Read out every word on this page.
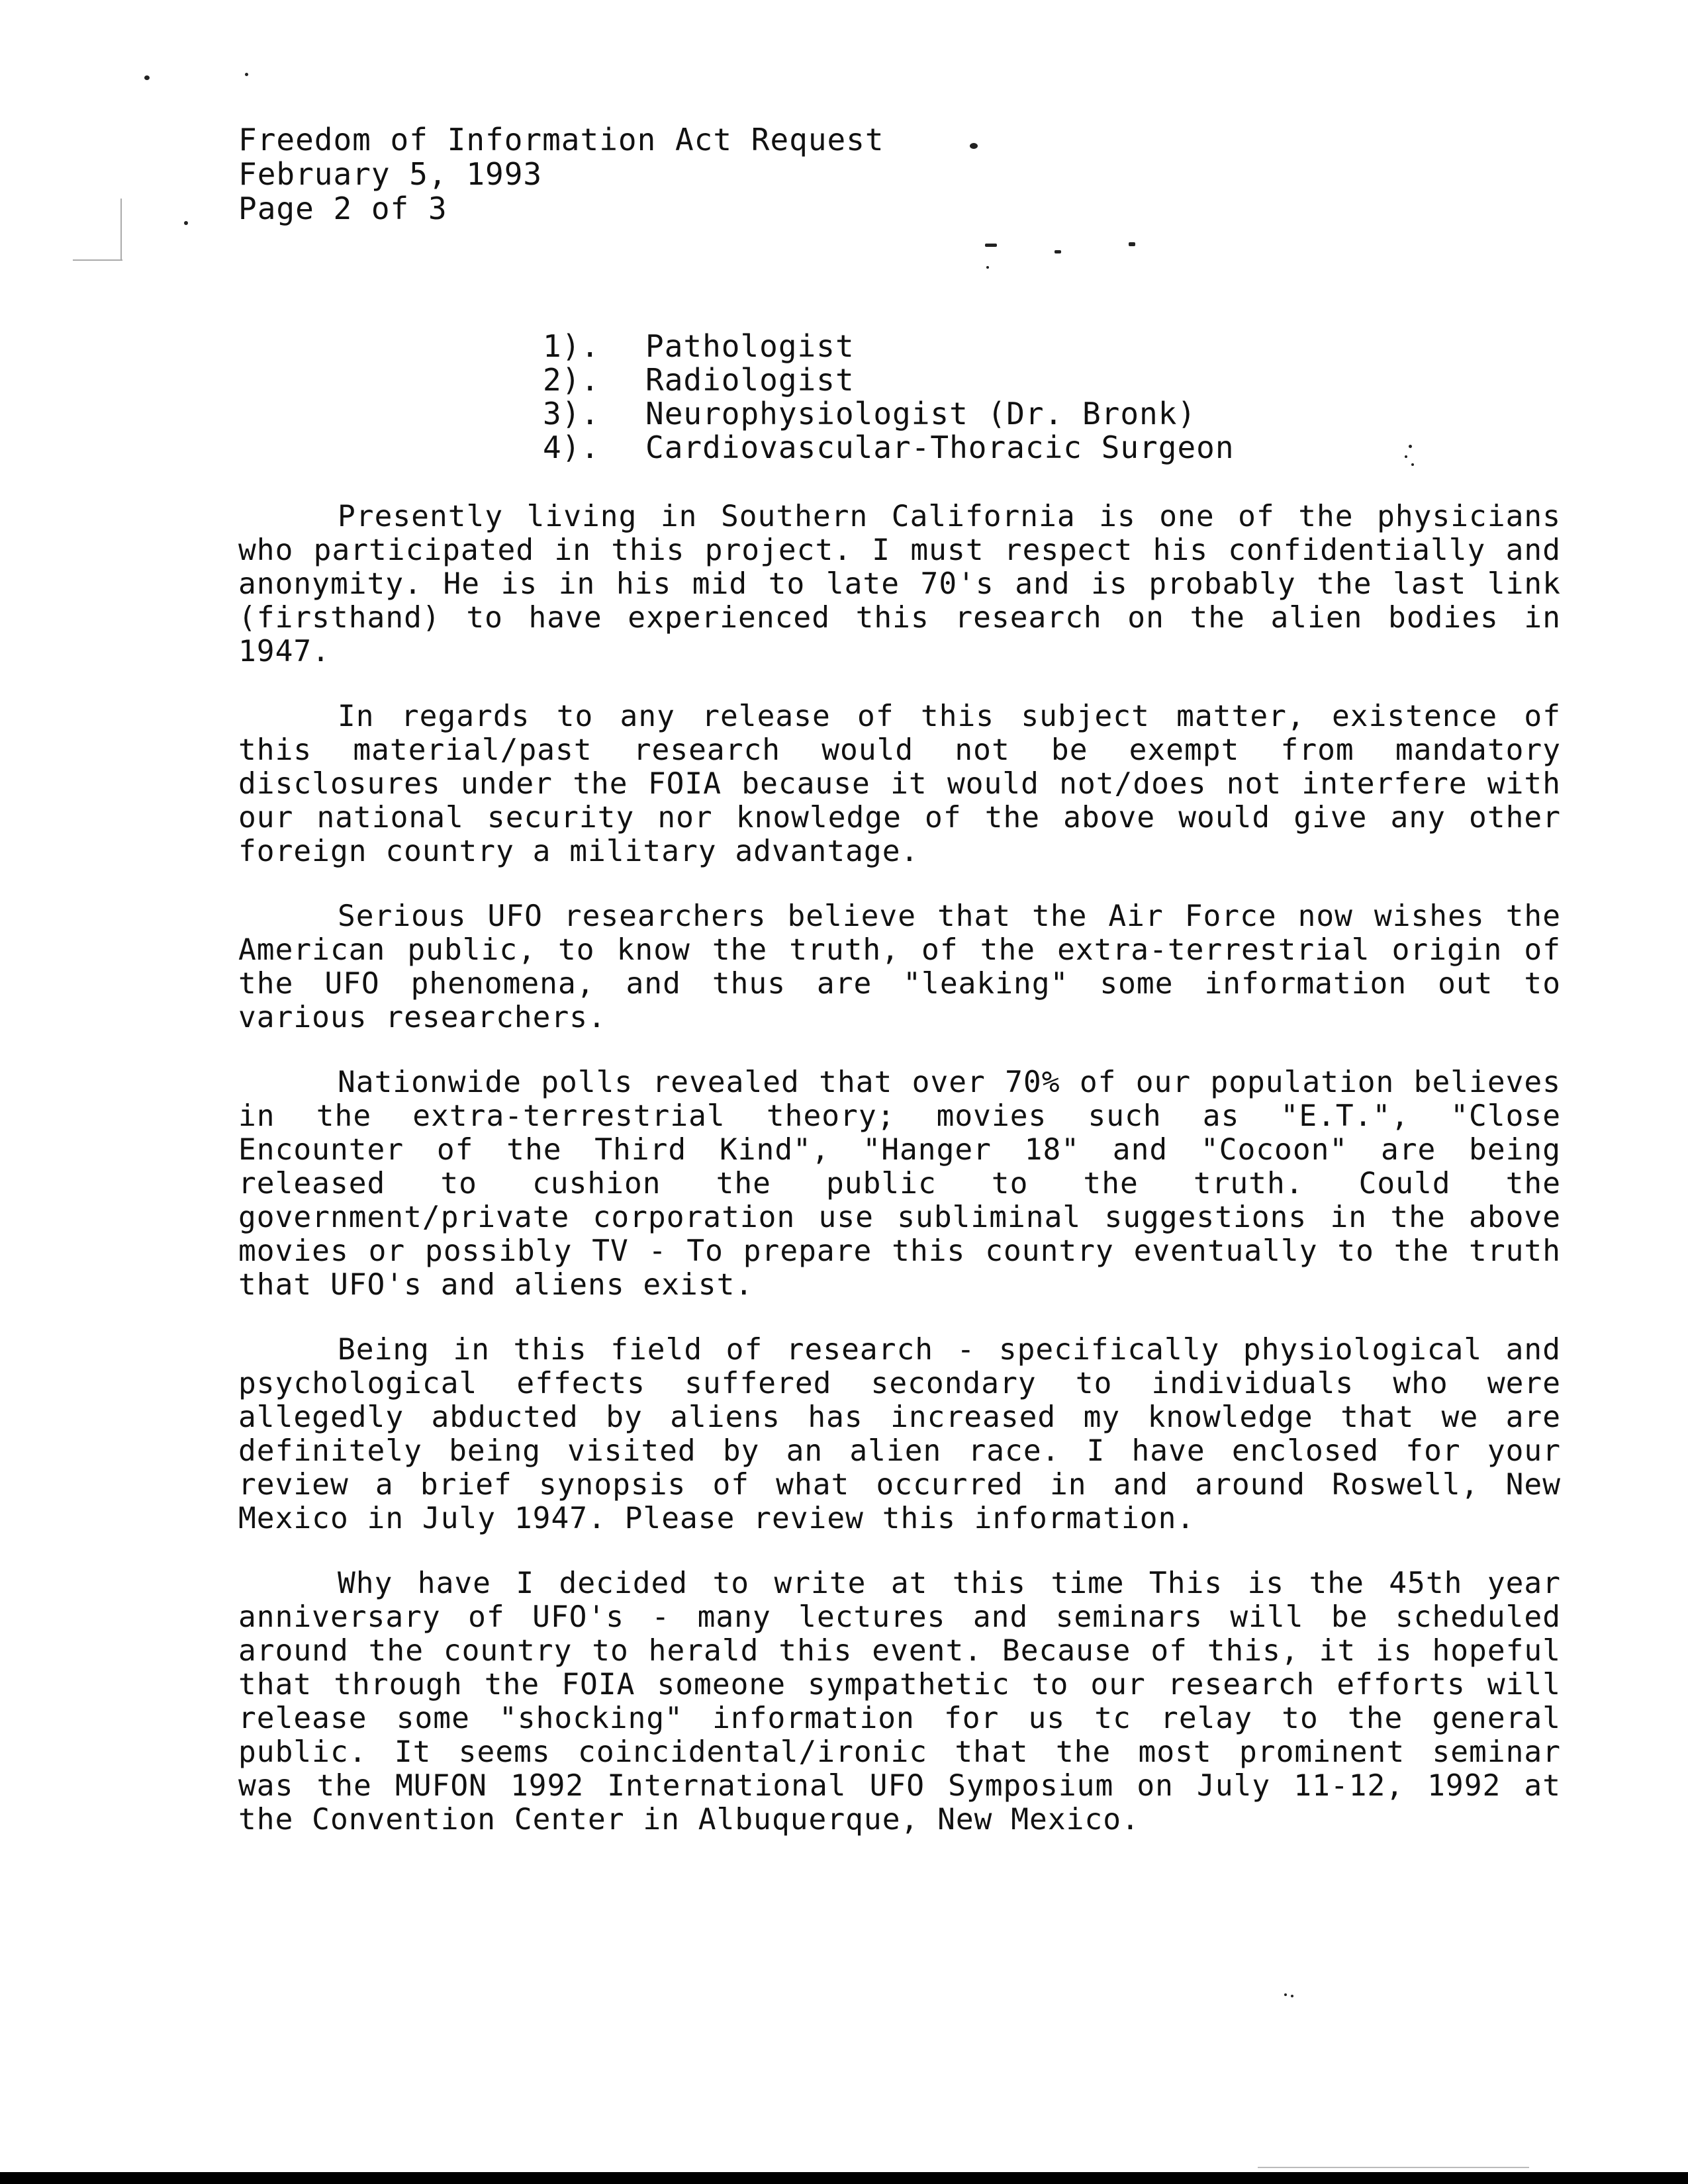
Freedom of Information Act Request
February 5, 1993
Page 2 of 3
1).	Pathologist
2).	Radiologist
3).	Neurophysiologist (Dr. Bronk)
4).	Cardiovascular-Thoracic Surgeon

Presently living in Southern California is one of the physicians who participated in this project. I must respect his confidentially and anonymity. He is in his mid to late 70's and is probably the last link (firsthand) to have experienced this research on the alien bodies in 1947.

In regards to any release of this subject matter, existence of this material/past research would not be exempt from mandatory disclosures under the FOIA because it would not/does not interfere with our national security nor knowledge of the above would give any other foreign country a military advantage.

Serious UFO researchers believe that the Air Force now wishes the American public, to know the truth, of the extra-terrestrial origin of the UFO phenomena, and thus are "leaking" some information out to various researchers.

Nationwide polls revealed that over 70% of our population believes in the extra-terrestrial theory; movies such as "E.T.", "Close Encounter of the Third Kind", "Hanger 18" and "Cocoon" are being released to cushion the public to the truth. Could the government/private corporation use subliminal suggestions in the above movies or possibly TV - To prepare this country eventually to the truth that UFO's and aliens exist.

Being in this field of research - specifically physiological and psychological effects suffered secondary to individuals who were allegedly abducted by aliens has increased my knowledge that we are definitely being visited by an alien race. I have enclosed for your review a brief synopsis of what occurred in and around Roswell, New Mexico in July 1947. Please review this information.

Why have I decided to write at this time This is the 45th year anniversary of UFO's - many lectures and seminars will be scheduled around the country to herald this event. Because of this, it is hopeful that through the FOIA someone sympathetic to our research efforts will release some "shocking" information for us tc relay to the general public. It seems coincidental/ironic that the most prominent seminar was the MUFON 1992 International UFO Symposium on July 11-12, 1992 at the Convention Center in Albuquerque, New Mexico.
